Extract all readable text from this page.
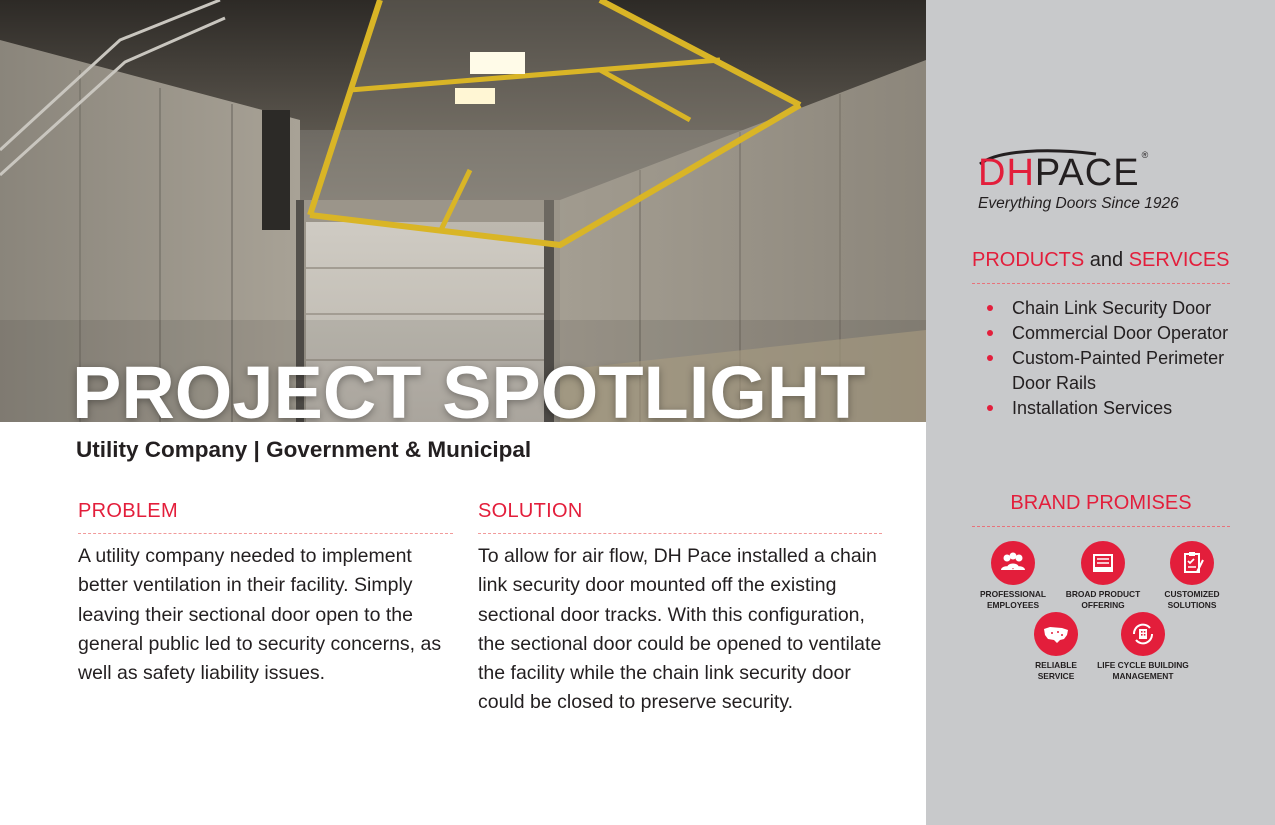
PROJECT SPOTLIGHT
Utility Company | Government & Municipal
PROBLEM

A utility company needed to implement better ventilation in their facility. Simply leaving their sectional door open to the general public led to security concerns, as well as safety liability issues.

SOLUTION

To allow for air flow, DH Pace installed a chain link security door mounted off the existing sectional door tracks. With this configuration, the sectional door could be opened to ventilate the facility while the chain link security door could be closed to preserve security.

DH PACE ®
Everything Doors Since 1926
PRODUCTS and SERVICES
Chain Link Security Door
Commercial Door Operator
Custom-Painted Perimeter Door Rails
Installation Services
BRAND PROMISES
PROFESSIONAL
EMPLOYEES
BROAD PRODUCT
OFFERING
CUSTOMIZED
SOLUTIONS
RELIABLE
SERVICE
LIFE CYCLE BUILDING
MANAGEMENT
